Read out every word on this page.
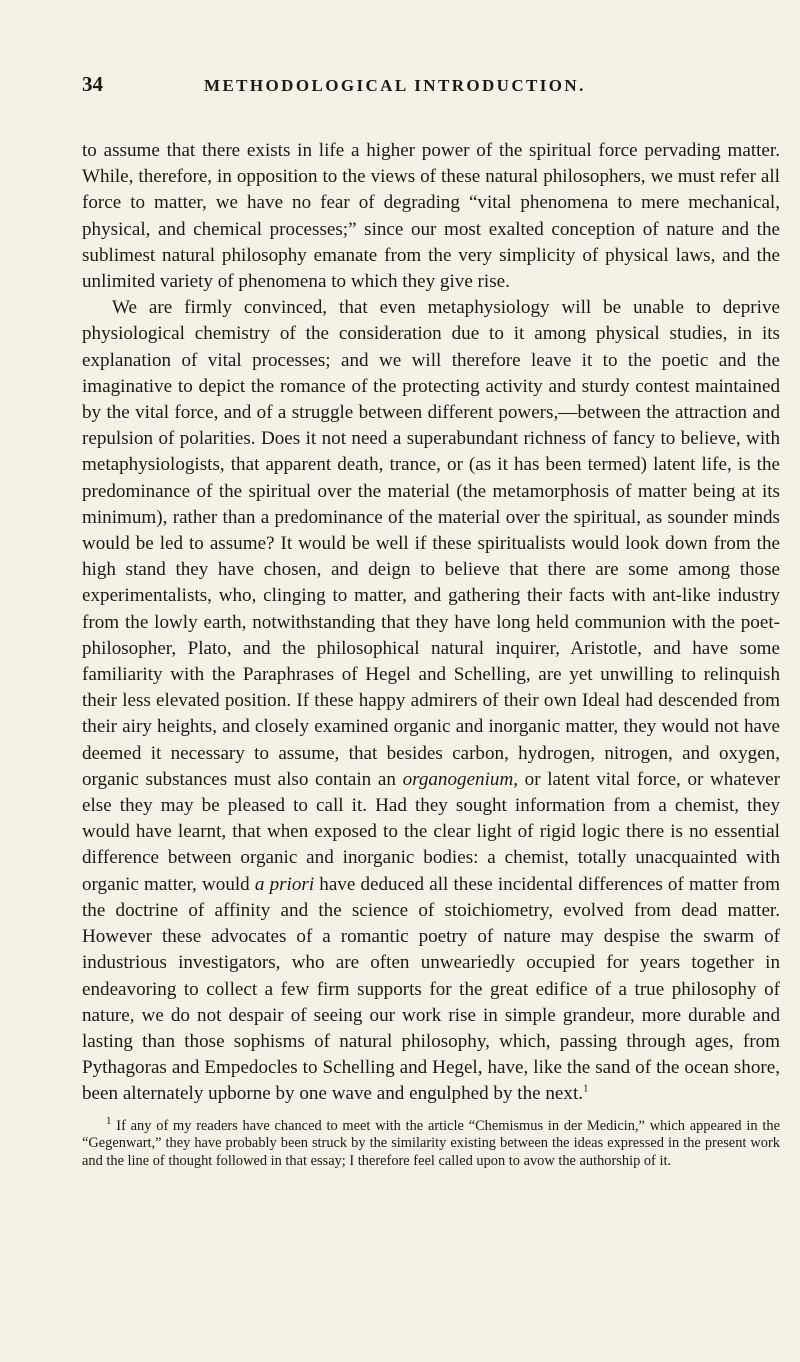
34	METHODOLOGICAL INTRODUCTION.

to assume that there exists in life a higher power of the spiritual force pervading matter. While, therefore, in opposition to the views of these natural philosophers, we must refer all force to matter, we have no fear of degrading “vital phenomena to mere mechanical, physical, and chemical processes;” since our most exalted conception of nature and the sublimest natural philosophy emanate from the very simplicity of physical laws, and the unlimited variety of phenomena to which they give rise.

We are firmly convinced, that even metaphysiology will be unable to deprive physiological chemistry of the consideration due to it among physical studies, in its explanation of vital processes; and we will therefore leave it to the poetic and the imaginative to depict the romance of the protecting activity and sturdy contest maintained by the vital force, and of a struggle between different powers,—between the attraction and repulsion of polarities. Does it not need a superabundant richness of fancy to believe, with metaphysiologists, that apparent death, trance, or (as it has been termed) latent life, is the predominance of the spiritual over the material (the metamorphosis of matter being at its minimum), rather than a predominance of the material over the spiritual, as sounder minds would be led to assume? It would be well if these spiritualists would look down from the high stand they have chosen, and deign to believe that there are some among those experimentalists, who, clinging to matter, and gathering their facts with ant-like industry from the lowly earth, notwithstanding that they have long held communion with the poet-philosopher, Plato, and the philosophical natural inquirer, Aristotle, and have some familiarity with the Paraphrases of Hegel and Schelling, are yet unwilling to relinquish their less elevated position. If these happy admirers of their own Ideal had descended from their airy heights, and closely examined organic and inorganic matter, they would not have deemed it necessary to assume, that besides carbon, hydrogen, nitrogen, and oxygen, organic substances must also contain an organogenium, or latent vital force, or whatever else they may be pleased to call it. Had they sought information from a chemist, they would have learnt, that when exposed to the clear light of rigid logic there is no essential difference between organic and inorganic bodies: a chemist, totally unacquainted with organic matter, would a priori have deduced all these incidental differences of matter from the doctrine of affinity and the science of stoichiometry, evolved from dead matter. However these advocates of a romantic poetry of nature may despise the swarm of industrious investigators, who are often unweariedly occupied for years together in endeavoring to collect a few firm supports for the great edifice of a true philosophy of nature, we do not despair of seeing our work rise in simple grandeur, more durable and lasting than those sophisms of natural philosophy, which, passing through ages, from Pythagoras and Empedocles to Schelling and Hegel, have, like the sand of the ocean shore, been alternately upborne by one wave and engulphed by the next.$^1$

$^1$ If any of my readers have chanced to meet with the article “Chemismus in der Medicin,” which appeared in the “Gegenwart,” they have probably been struck by the similarity existing between the ideas expressed in the present work and the line of thought followed in that essay; I therefore feel called upon to avow the authorship of it.
